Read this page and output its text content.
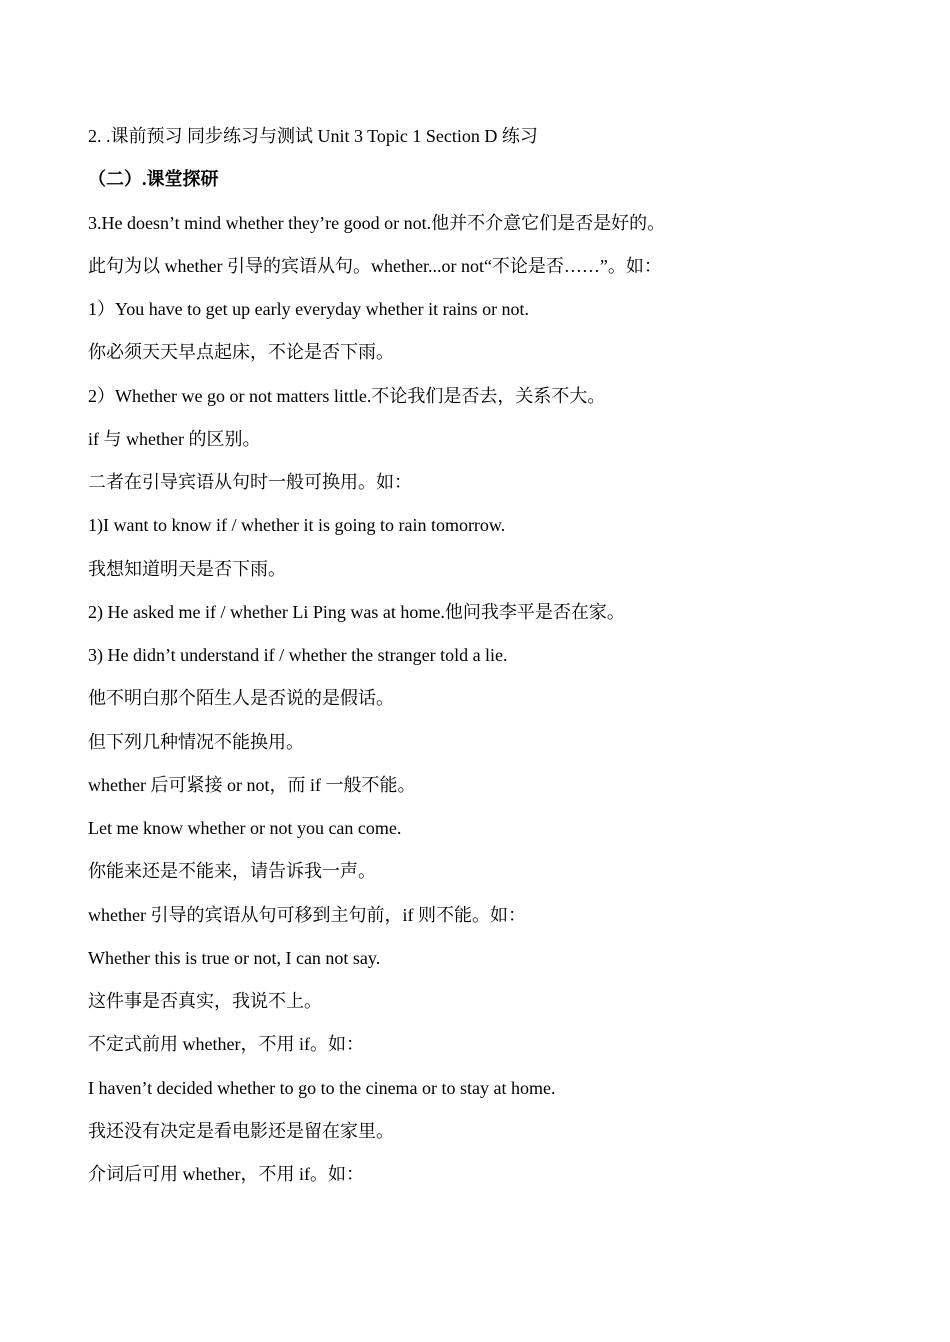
2. .课前预习 同步练习与测试 Unit 3 Topic 1 Section D 练习
（二）.课堂探研
3.He doesn’t mind whether they’re good or not.他并不介意它们是否是好的。
此句为以 whether 引导的宾语从句。whether...or not“不论是否……”。如：
1）You have to get up early everyday whether it rains or not.
你必须天天早点起床，不论是否下雨。
2）Whether we go or not matters little.不论我们是否去，关系不大。
if 与 whether 的区别。
二者在引导宾语从句时一般可换用。如：
1)I want to know if / whether it is going to rain tomorrow.
我想知道明天是否下雨。
2) He asked me if / whether Li Ping was at home.他问我李平是否在家。
3) He didn’t understand if / whether the stranger told a lie.
他不明白那个陌生人是否说的是假话。
但下列几种情况不能换用。
whether 后可紧接 or not，而 if 一般不能。
Let me know whether or not you can come.
你能来还是不能来，请告诉我一声。
whether 引导的宾语从句可移到主句前，if 则不能。如：
Whether this is true or not, I can not say.
这件事是否真实，我说不上。
不定式前用 whether，不用 if。如：
I haven’t decided whether to go to the cinema or to stay at home.
我还没有决定是看电影还是留在家里。
介词后可用 whether，不用 if。如：
